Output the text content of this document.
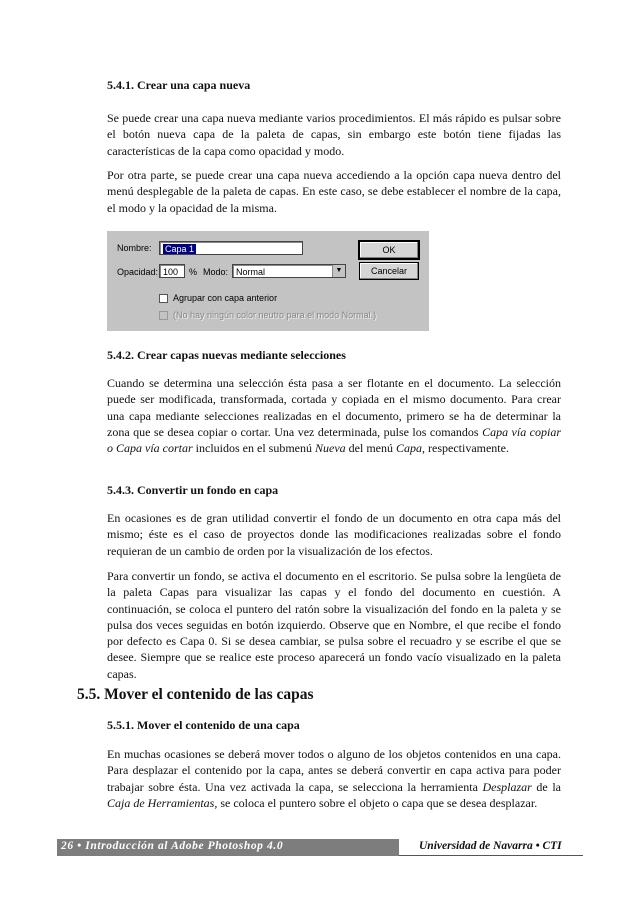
5.4.1. Crear una capa nueva
Se puede crear una capa nueva mediante varios procedimientos. El más rápido es pulsar sobre el botón nueva capa de la paleta de capas, sin embargo este botón tiene fijadas las características de la capa como opacidad y modo.
Por otra parte, se puede crear una capa nueva accediendo a la opción capa nueva dentro del menú desplegable de la paleta de capas. En este caso, se debe establecer el nombre de la capa, el modo y la opacidad de la misma.
Nombre:	Capa 1
Opacidad: 100	% Modo: Normal	▼
Agrupar con capa anterior
(No hay ningún color neutro para el modo Normal.)
OK
Cancelar
5.4.2. Crear capas nuevas mediante selecciones
Cuando se determina una selección ésta pasa a ser flotante en el documento. La selección puede ser modificada, transformada, cortada y copiada en el mismo documento. Para crear una capa mediante selecciones realizadas en el documento, primero se ha de determinar la zona que se desea copiar o cortar. Una vez determinada, pulse los comandos Capa vía copiar o Capa vía cortar incluidos en el submenú Nueva del menú Capa, respectivamente.
5.4.3. Convertir un fondo en capa
En ocasiones es de gran utilidad convertir el fondo de un documento en otra capa más del mismo; éste es el caso de proyectos donde las modificaciones realizadas sobre el fondo requieran de un cambio de orden por la visualización de los efectos.
Para convertir un fondo, se activa el documento en el escritorio. Se pulsa sobre la lengüeta de la paleta Capas para visualizar las capas y el fondo del documento en cuestión. A continuación, se coloca el puntero del ratón sobre la visualización del fondo en la paleta y se pulsa dos veces seguidas en botón izquierdo. Observe que en Nombre, el que recibe el fondo por defecto es Capa 0. Si se desea cambiar, se pulsa sobre el recuadro y se escribe el que se desee. Siempre que se realice este proceso aparecerá un fondo vacío visualizado en la paleta capas.
5.5. Mover el contenido de las capas
5.5.1. Mover el contenido de una capa
En muchas ocasiones se deberá mover todos o alguno de los objetos contenidos en una capa. Para desplazar el contenido por la capa, antes se deberá convertir en capa activa para poder trabajar sobre ésta. Una vez activada la capa, se selecciona la herramienta Desplazar de la Caja de Herramientas, se coloca el puntero sobre el objeto o capa que se desea desplazar.
26 • Introducción al Adobe Photoshop 4.0	Universidad de Navarra • CTI
